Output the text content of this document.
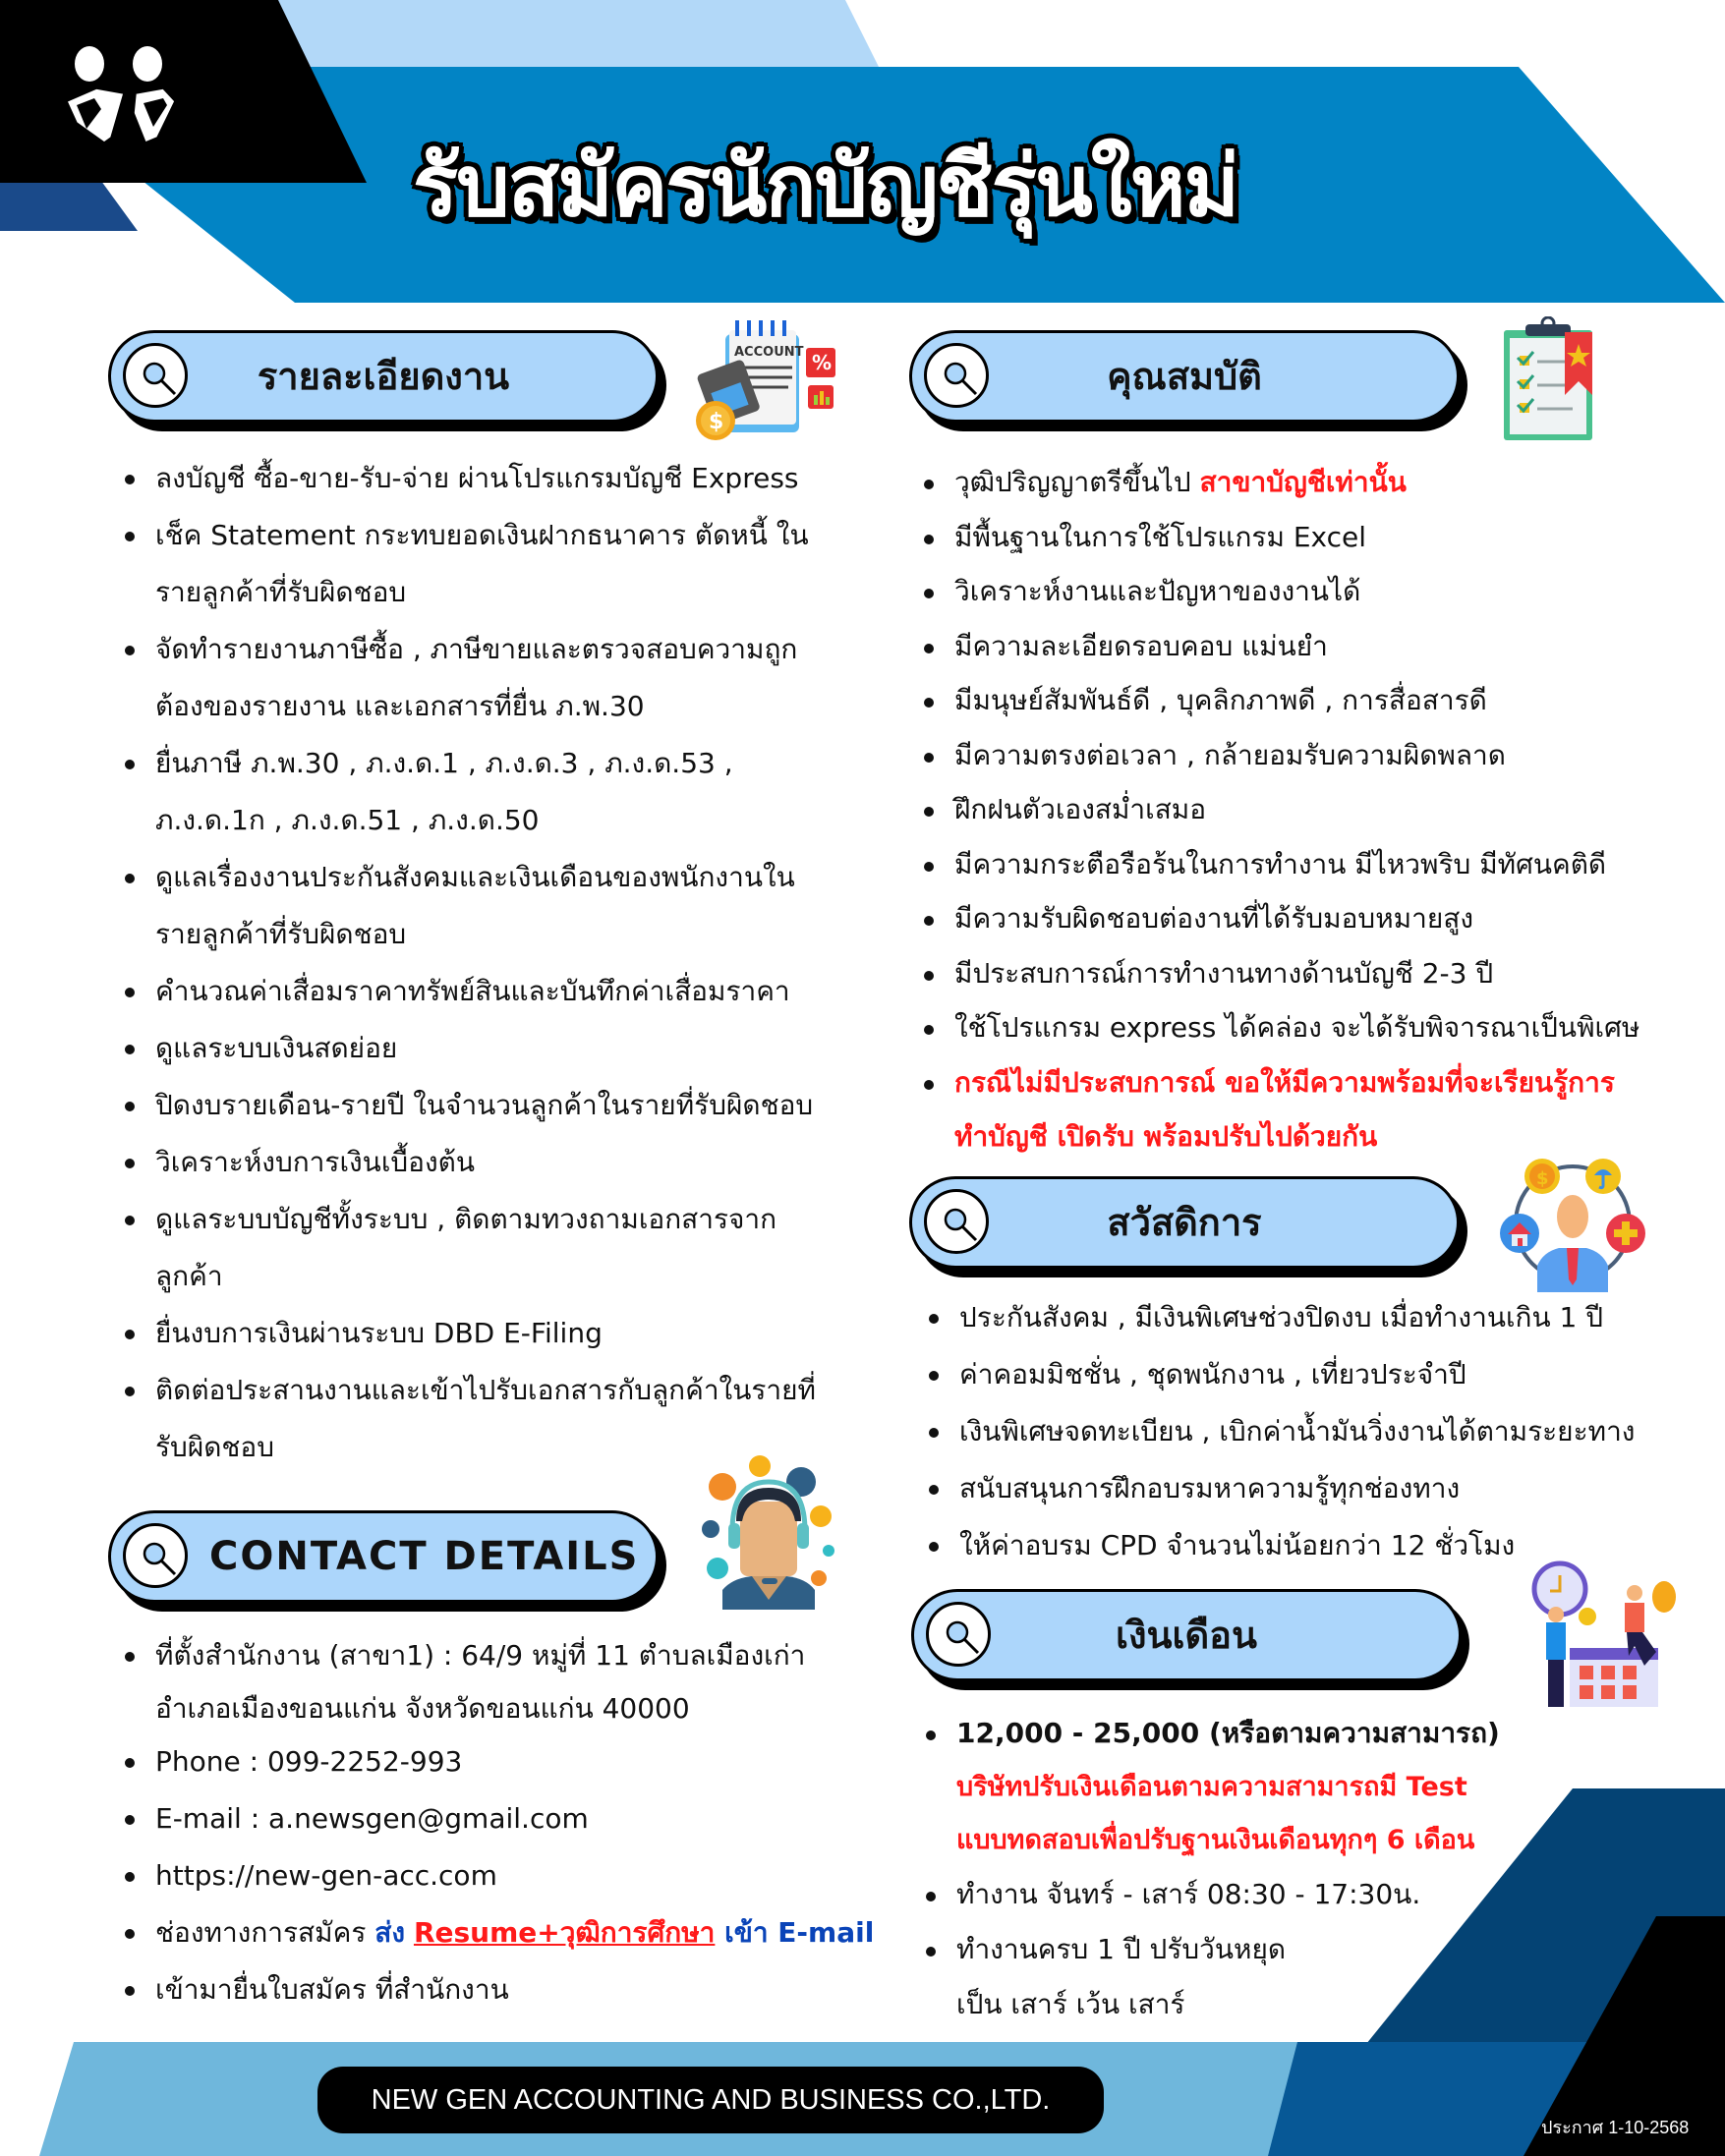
รับสมัครนักบัญชีรุ่นใหม่
รายละเอียดงาน
ACCOUNT
$
%
ลงบัญชี ซื้อ-ขาย-รับ-จ่าย ผ่านโปรแกรมบัญชี Express
เช็ค Statement กระทบยอดเงินฝากธนาคาร ตัดหนี้ ใน
รายลูกค้าที่รับผิดชอบ
จัดทำรายงานภาษีซื้อ , ภาษีขายและตรวจสอบความถูก
ต้องของรายงาน และเอกสารที่ยื่น ภ.พ.30
ยื่นภาษี ภ.พ.30 , ภ.ง.ด.1 , ภ.ง.ด.3 , ภ.ง.ด.53 ,
ภ.ง.ด.1ก , ภ.ง.ด.51 , ภ.ง.ด.50
ดูแลเรื่องงานประกันสังคมและเงินเดือนของพนักงานใน
รายลูกค้าที่รับผิดชอบ
คำนวณค่าเสื่อมราคาทรัพย์สินและบันทึกค่าเสื่อมราคา
ดูแลระบบเงินสดย่อย
ปิดงบรายเดือน-รายปี ในจำนวนลูกค้าในรายที่รับผิดชอบ
วิเคราะห์งบการเงินเบื้องต้น
ดูแลระบบบัญชีทั้งระบบ , ติดตามทวงถามเอกสารจาก
ลูกค้า
ยื่นงบการเงินผ่านระบบ DBD E-Filing
ติดต่อประสานงานและเข้าไปรับเอกสารกับลูกค้าในรายที่
รับผิดชอบ
CONTACT DETAILS
ที่ตั้งสำนักงาน (สาขา1) : 64/9 หมู่ที่ 11 ตำบลเมืองเก่า
อำเภอเมืองขอนแก่น จังหวัดขอนแก่น 40000
Phone : 099-2252-993
E-mail : a.newsgen@gmail.com
https://new-gen-acc.com
ช่องทางการสมัคร ส่ง Resume+วุฒิการศึกษา เข้า E-mail
เข้ามายื่นใบสมัคร ที่สำนักงาน
คุณสมบัติ
วุฒิปริญญาตรีขึ้นไป สาขาบัญชีเท่านั้น
มีพื้นฐานในการใช้โปรแกรม Excel
วิเคราะห์งานและปัญหาของงานได้
มีความละเอียดรอบคอบ แม่นยำ
มีมนุษย์สัมพันธ์ดี , บุคลิกภาพดี , การสื่อสารดี
มีความตรงต่อเวลา , กล้ายอมรับความผิดพลาด
ฝึกฝนตัวเองสม่ำเสมอ
มีความกระตือรือร้นในการทำงาน มีไหวพริบ มีทัศนคติดี
มีความรับผิดชอบต่องานที่ได้รับมอบหมายสูง
มีประสบการณ์การทำงานทางด้านบัญชี 2-3 ปี
ใช้โปรแกรม express ได้คล่อง จะได้รับพิจารณาเป็นพิเศษ
กรณีไม่มีประสบการณ์ ขอให้มีความพร้อมที่จะเรียนรู้การ
ทำบัญชี เปิดรับ พร้อมปรับไปด้วยกัน
สวัสดิการ
$
ประกันสังคม , มีเงินพิเศษช่วงปิดงบ เมื่อทำงานเกิน 1 ปี
ค่าคอมมิชชั่น , ชุดพนักงาน , เที่ยวประจำปี
เงินพิเศษจดทะเบียน , เบิกค่าน้ำมันวิ่งงานได้ตามระยะทาง
สนับสนุนการฝึกอบรมหาความรู้ทุกช่องทาง
ให้ค่าอบรม CPD จำนวนไม่น้อยกว่า 12 ชั่วโมง
เงินเดือน
12,000 - 25,000 (หรือตามความสามารถ)
บริษัทปรับเงินเดือนตามความสามารถมี Test
แบบทดสอบเพื่อปรับฐานเงินเดือนทุกๆ 6 เดือน
ทำงาน จันทร์ - เสาร์ 08:30 - 17:30น.
ทำงานครบ 1 ปี ปรับวันหยุด
เป็น เสาร์ เว้น เสาร์
NEW GEN ACCOUNTING AND BUSINESS CO.,LTD.
ประกาศ 1-10-2568
